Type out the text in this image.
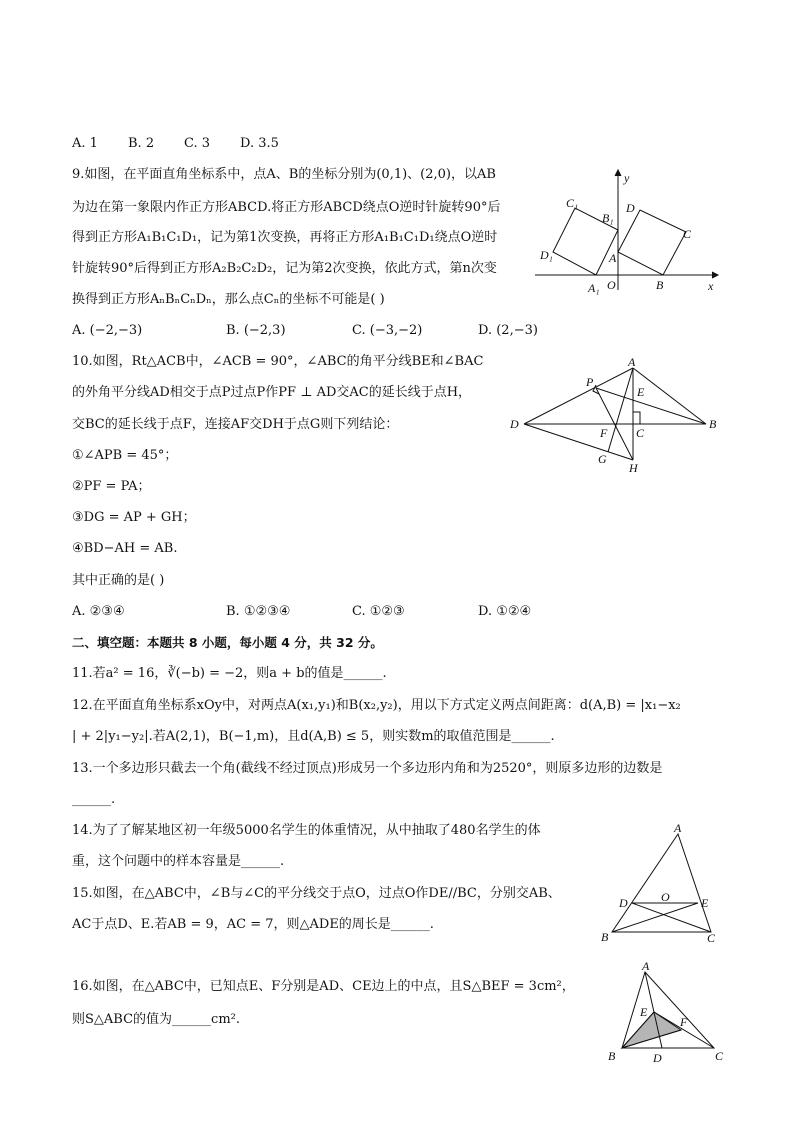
A. 1 B. 2 C. 3 D. 3.5
9.如图，在平面直角坐标系中，点A、B的坐标分别为(0,1)、(2,0)，以AB
为边在第一象限内作正方形ABCD.将正方形ABCD绕点O逆时针旋转90°后
得到正方形A₁B₁C₁D₁，记为第1次变换，再将正方形A₁B₁C₁D₁绕点O逆时
针旋转90°后得到正方形A₂B₂C₂D₂，记为第2次变换，依此方式，第n次变
换得到正方形AₙBₙCₙDₙ，那么点Cₙ的坐标不可能是( )
A. (−2,−3)	B. (−2,3)	C. (−3,−2)	D. (2,−3)
y
x
O
A
B
C
D
A₁
B₁
C₁
D₁
10.如图，Rt△ACB中，∠ACB = 90°，∠ABC的角平分线BE和∠BAC
的外角平分线AD相交于点P过点P作PF ⊥ AD交AC的延长线于点H，
交BC的延长线于点F，连接AF交DH于点G则下列结论：
①∠APB = 45°；
②PF = PA；
③DG = AP + GH；
④BD−AH = AB.
其中正确的是( )
A. ②③④	B. ①②③④	C. ①②③	D. ①②④
A
P
E
D
F C
B
G
H
二、填空题：本题共 8 小题，每小题 4 分，共 32 分。
11.若a² = 16，∛(−b) = −2，则a + b的值是______.
12.在平面直角坐标系xOy中，对两点A(x₁,y₁)和B(x₂,y₂)，用以下方式定义两点间距离：d(A,B) = |x₁−x₂
| + 2|y₁−y₂|.若A(2,1)，B(−1,m)，且d(A,B) ≤ 5，则实数m的取值范围是______.
13.一个多边形只截去一个角(截线不经过顶点)形成另一个多边形内角和为2520°，则原多边形的边数是
______.
14.为了了解某地区初一年级5000名学生的体重情况，从中抽取了480名学生的体
重，这个问题中的样本容量是______.
15.如图，在△ABC中，∠B与∠C的平分线交于点O，过点O作DE//BC，分别交AB、
AC于点D、E.若AB = 9，AC = 7，则△ADE的周长是______.
A
D	O	E
B	C
16.如图，在△ABC中，已知点E、F分别是AD、CE边上的中点，且S△BEF = 3cm²，
则S△ABC的值为______cm².
A
E
F
B	D	C
